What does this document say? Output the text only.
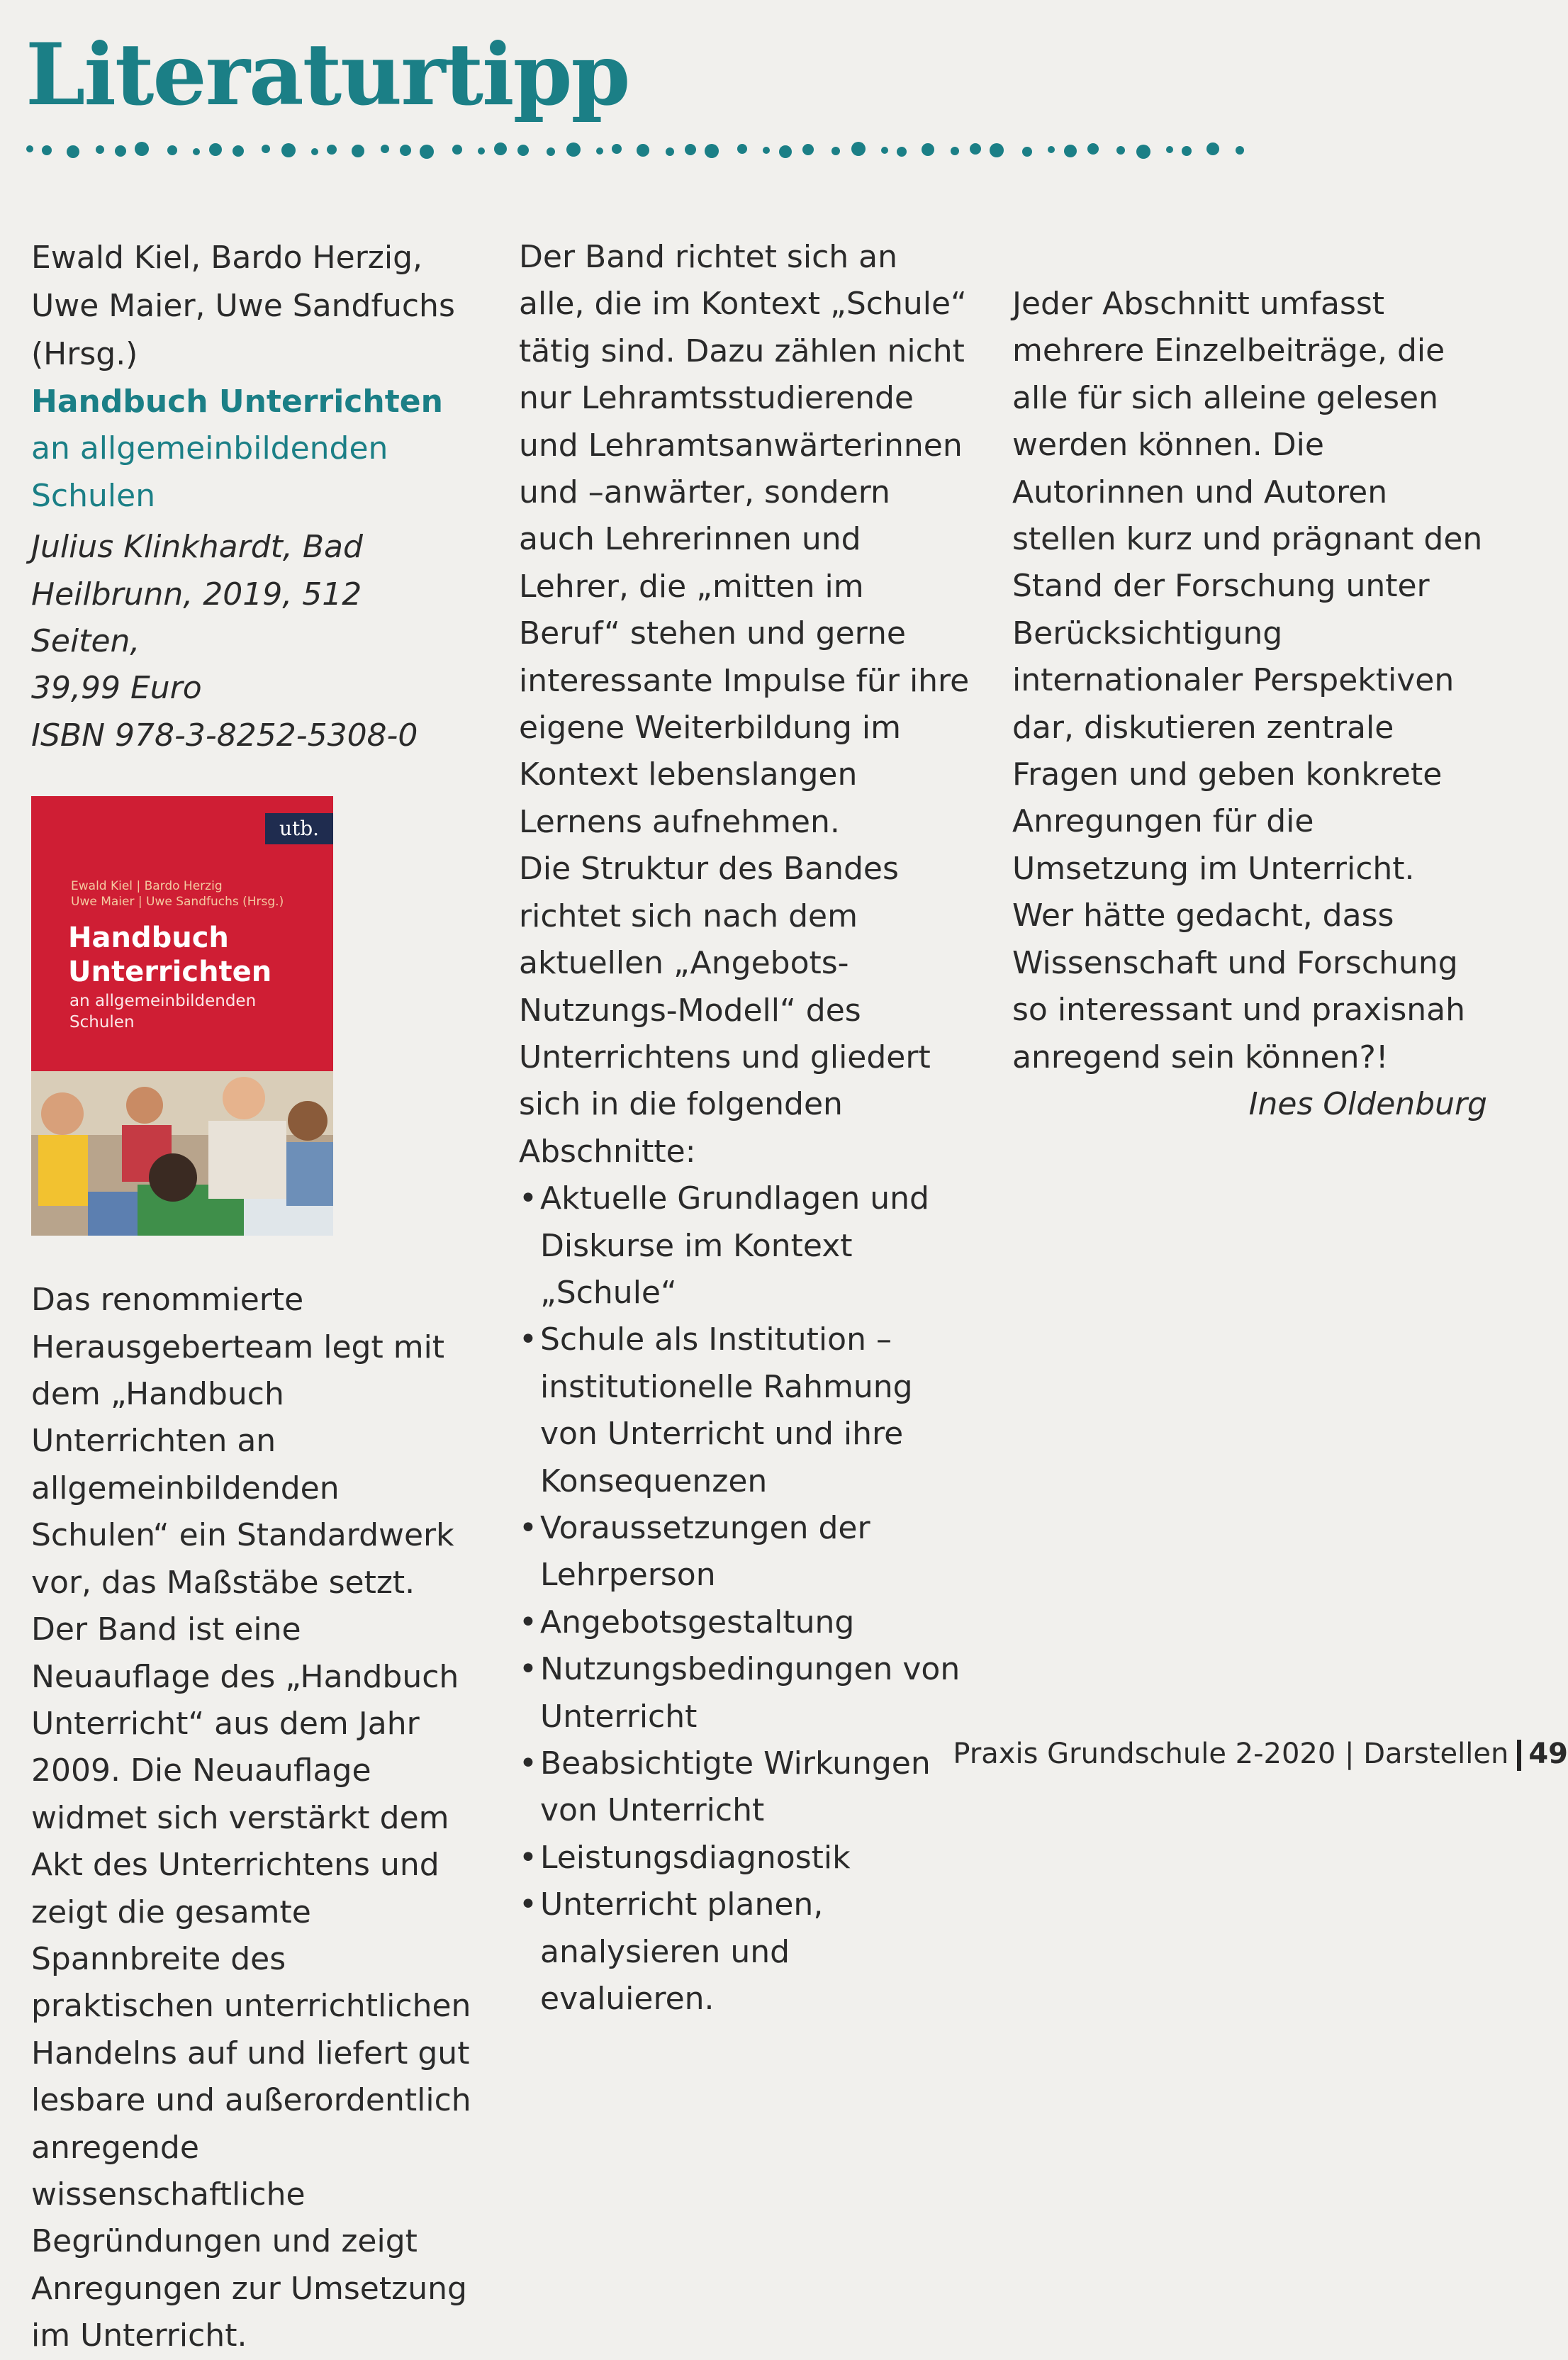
Literaturtipp

Ewald Kiel, Bardo Herzig, Uwe Maier, Uwe Sandfuchs (Hrsg.)

Handbuch Unterrichten

an allgemeinbildenden Schulen

Julius Klinkhardt, Bad Heilbrunn, 2019, 512 Seiten,
39,99 Euro
ISBN 978-3-8252-5308-0

utb.
Ewald Kiel | Bardo Herzig
Uwe Maier | Uwe Sandfuchs (Hrsg.)
Handbuch
Unterrichten
an allgemeinbildenden
Schulen

Das renommierte Herausgeberteam legt mit dem „Handbuch Unterrichten an allgemeinbildenden Schulen“ ein Standardwerk vor, das Maßstäbe setzt.

Der Band ist eine Neuauflage des „Handbuch Unterricht“ aus dem Jahr 2009. Die Neuauflage widmet sich verstärkt dem Akt des Unterrichtens und zeigt die gesamte Spannbreite des praktischen unterrichtlichen Handelns auf und liefert gut lesbare und außerordentlich anregende wissenschaftliche Begründungen und zeigt Anregungen zur Umsetzung im Unterricht.

Der Band richtet sich an alle, die im Kontext „Schule“ tätig sind. Dazu zählen nicht nur Lehramtsstudierende und Lehramtsanwärterinnen und –anwärter, sondern auch Lehrerinnen und Lehrer, die „mitten im Beruf“ stehen und gerne interessante Impulse für ihre eigene Weiterbildung im Kontext lebenslangen Lernens aufnehmen.

Die Struktur des Bandes richtet sich nach dem aktuellen „Angebots-Nutzungs-Modell“ des Unterrichtens und gliedert sich in die folgenden Abschnitte:

• Aktuelle Grundlagen und Diskurse im Kontext „Schule“
• Schule als Institution – institutionelle Rahmung von Unterricht und ihre Konsequenzen
• Voraussetzungen der Lehrperson
• Angebotsgestaltung
• Nutzungsbedingungen von Unterricht
• Beabsichtigte Wirkungen von Unterricht
• Leistungsdiagnostik
• Unterricht planen, analysieren und evaluieren.

Jeder Abschnitt umfasst mehrere Einzelbeiträge, die alle für sich alleine gelesen werden können. Die Autorinnen und Autoren stellen kurz und prägnant den Stand der Forschung unter Berücksichtigung internationaler Perspektiven dar, diskutieren zentrale Fragen und geben konkrete Anregungen für die Umsetzung im Unterricht.

Wer hätte gedacht, dass Wissenschaft und Forschung so interessant und praxisnah anregend sein können?!

Ines Oldenburg

Praxis Grundschule 2-2020 | Darstellen 49
